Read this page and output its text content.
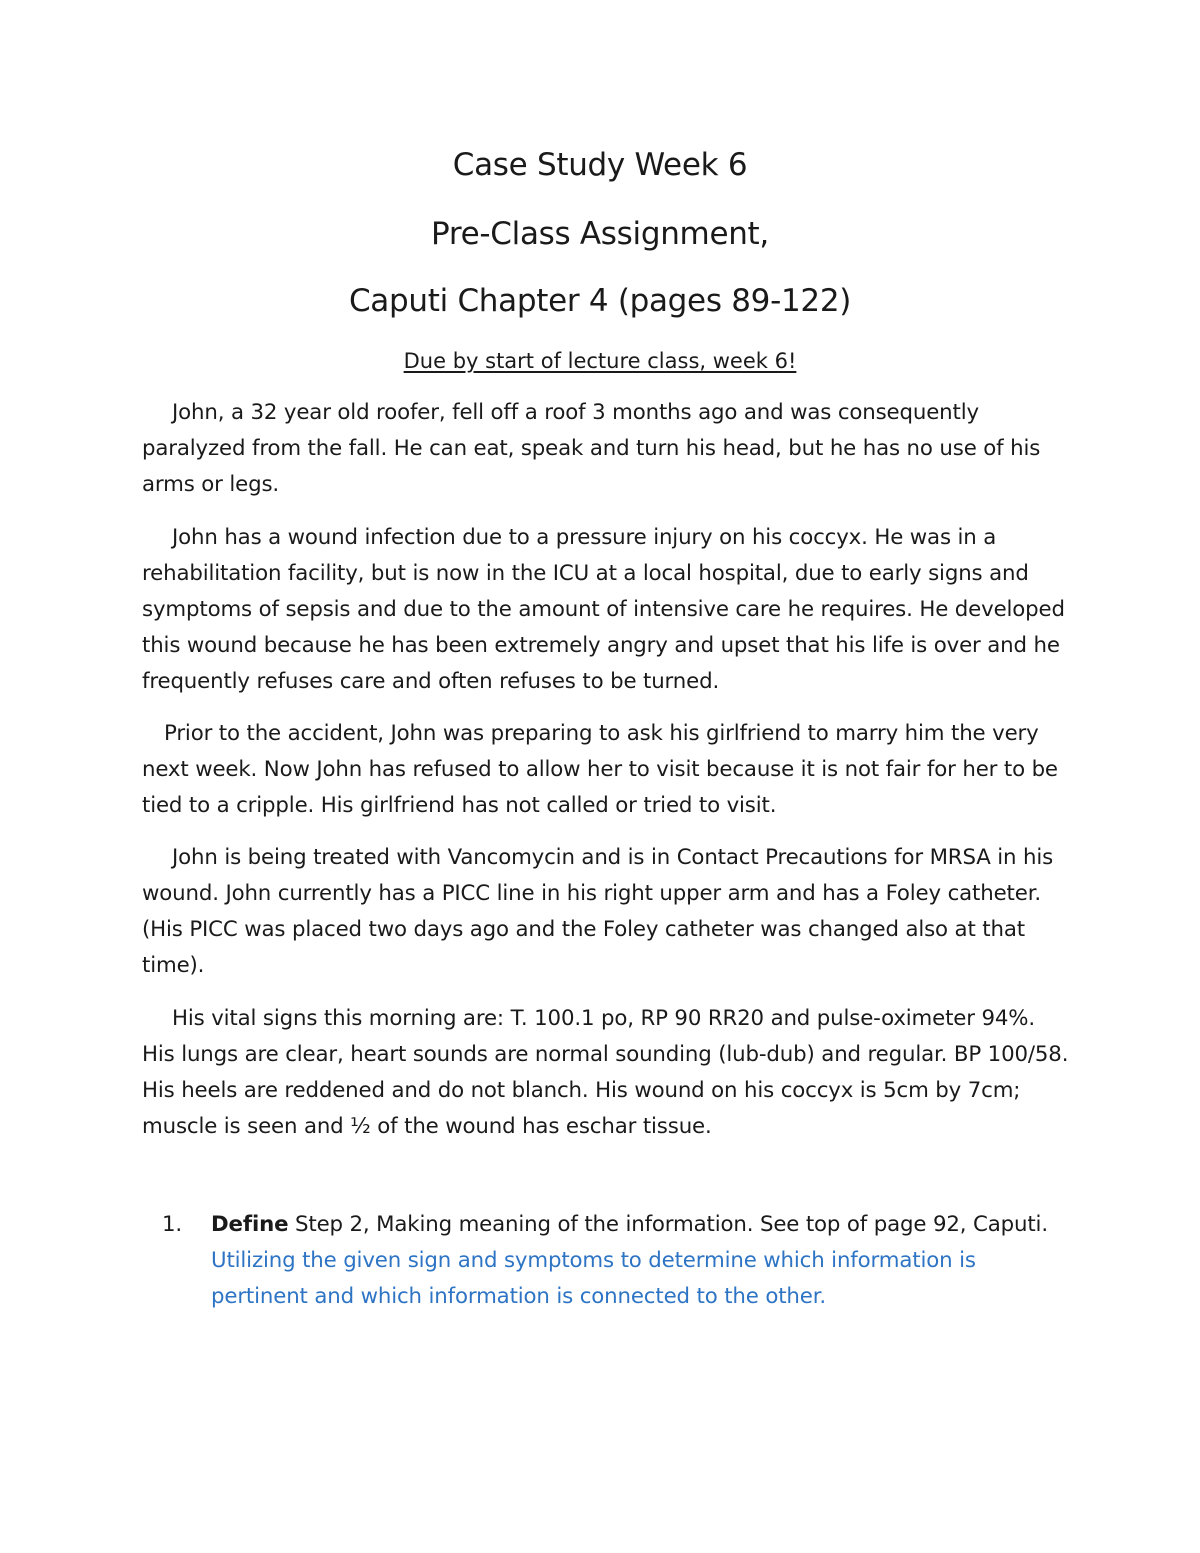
Case Study Week 6
Pre-Class Assignment,
Caputi Chapter 4 (pages 89-122)
Due by start of lecture class, week 6!

John, a 32 year old roofer, fell off a roof 3 months ago and was consequently paralyzed from the fall. He can eat, speak and turn his head, but he has no use of his arms or legs.

John has a wound infection due to a pressure injury on his coccyx. He was in a rehabilitation facility, but is now in the ICU at a local hospital, due to early signs and symptoms of sepsis and due to the amount of intensive care he requires. He developed this wound because he has been extremely angry and upset that his life is over and he frequently refuses care and often refuses to be turned.

Prior to the accident, John was preparing to ask his girlfriend to marry him the very next week. Now John has refused to allow her to visit because it is not fair for her to be tied to a cripple. His girlfriend has not called or tried to visit.

John is being treated with Vancomycin and is in Contact Precautions for MRSA in his wound. John currently has a PICC line in his right upper arm and has a Foley catheter. (His PICC was placed two days ago and the Foley catheter was changed also at that time).

His vital signs this morning are: T. 100.1 po, RP 90 RR20 and pulse-oximeter 94%. His lungs are clear, heart sounds are normal sounding (lub-dub) and regular. BP 100/58. His heels are reddened and do not blanch. His wound on his coccyx is 5cm by 7cm; muscle is seen and ½ of the wound has eschar tissue.

1. Define Step 2, Making meaning of the information. See top of page 92, Caputi.
Utilizing the given sign and symptoms to determine which information is pertinent and which information is connected to the other.
